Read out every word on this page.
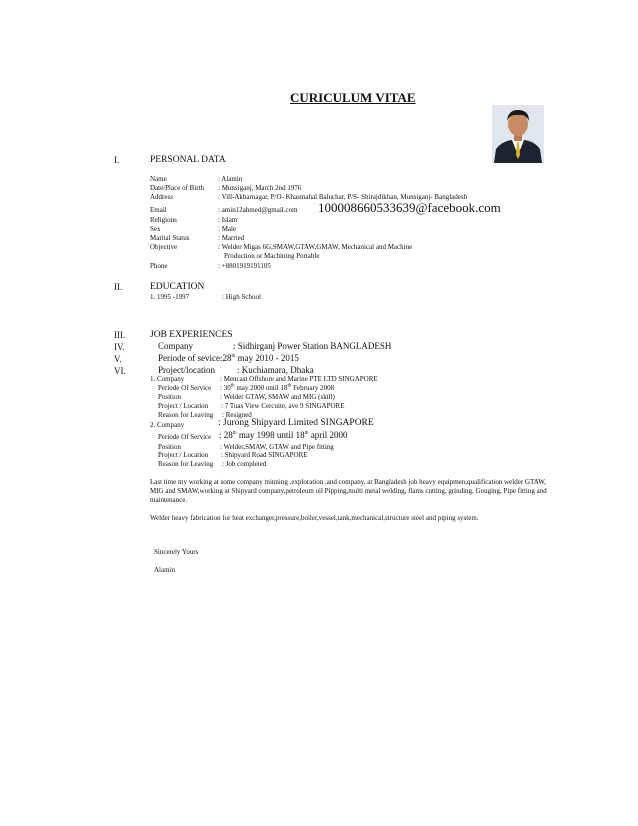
CURICULUM VITAE
I.	PERSONAL DATA
Name	: Alamin
Date/Place of Birth : Munsiganj, March 2nd 1976
Address	: Vill-Akbarnagar, P/O- Khasmahal Baluchar, P/S- Shirajdikhan, Munsiganj- Bangladesh
Email	: amin12ahmed@gmail.com 100008660533639@facebook.com
Religions	: Islam
Sex	: Male
Marital Status	: Married
Objective	: Welder Migas 6G,SMAW,GTAW,GMAW, Mechanical and Machine
Production or Machining Portable
Phone	: +8801919191105
II.	EDUCATION
1. 1995 -1997	: High School
III.	JOB EXPERIENCES
IV.	Company	: Sidhirganj Power Station BANGLADESH
V.	Periode of sevice:28th may 2010 - 2015
VI.	Project/location : Kuchiamara, Dhaka
1. Company	: Mencast Offshore and Marine PTE LTD SINGAPORE
Periode Of Service : 30th may 2000 until 18th February 2008
Position	: Welder GTAW, SMAW and MIG (skill)
Project / Location : 7 Tuas View Cercuite, ave 9 SINGAPORE
Reason for Leaving : Resigned
2. Company	: Jurong Shipyard Limited SINGAPORE
Periode Of Service : 28th may 1998 until 18th april 2000
Position	: Welder,SMAW, GTAW and Pipe fitting
Project / Location : Shipyard Road SINGAPORE
Reason for Leaving : Job completed
Last time my working at some company minning ,exploration ,and company, at Bangladesh job heavy equipmen,qualification welder GTAW, MIG and SMAW,working at Shipyard company,petroleum oil Pipping,multi metal welding, flams cutting, grinding, Gouging, Pipe fitting and maintenance.
Welder heavy fabrication for heat exchanger,pressure,boiler,vessel,tank,mechanical,structure steel and piping system.
Sincerely Yours
Alamin
